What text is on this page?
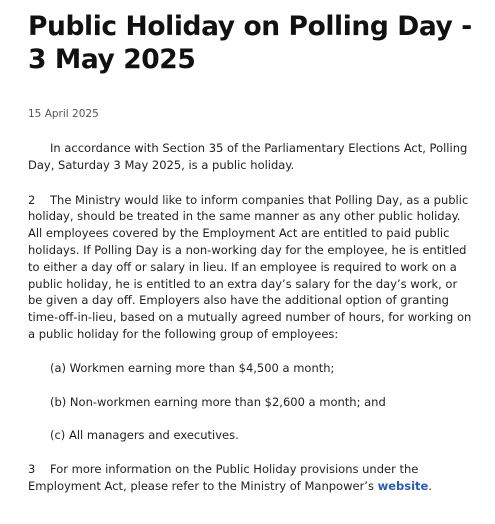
Public Holiday on Polling Day - 3 May 2025
15 April 2025

In accordance with Section 35 of the Parliamentary Elections Act, Polling Day, Saturday 3 May 2025, is a public holiday.

2 The Ministry would like to inform companies that Polling Day, as a public holiday, should be treated in the same manner as any other public holiday. All employees covered by the Employment Act are entitled to paid public holidays. If Polling Day is a non-working day for the employee, he is entitled to either a day off or salary in lieu. If an employee is required to work on a public holiday, he is entitled to an extra day’s salary for the day’s work, or be given a day off. Employers also have the additional option of granting time-off-in-lieu, based on a mutually agreed number of hours, for working on a public holiday for the following group of employees:

(a) Workmen earning more than $4,500 a month;

(b) Non-workmen earning more than $2,600 a month; and

(c) All managers and executives.

3 For more information on the Public Holiday provisions under the Employment Act, please refer to the Ministry of Manpower’s website.
